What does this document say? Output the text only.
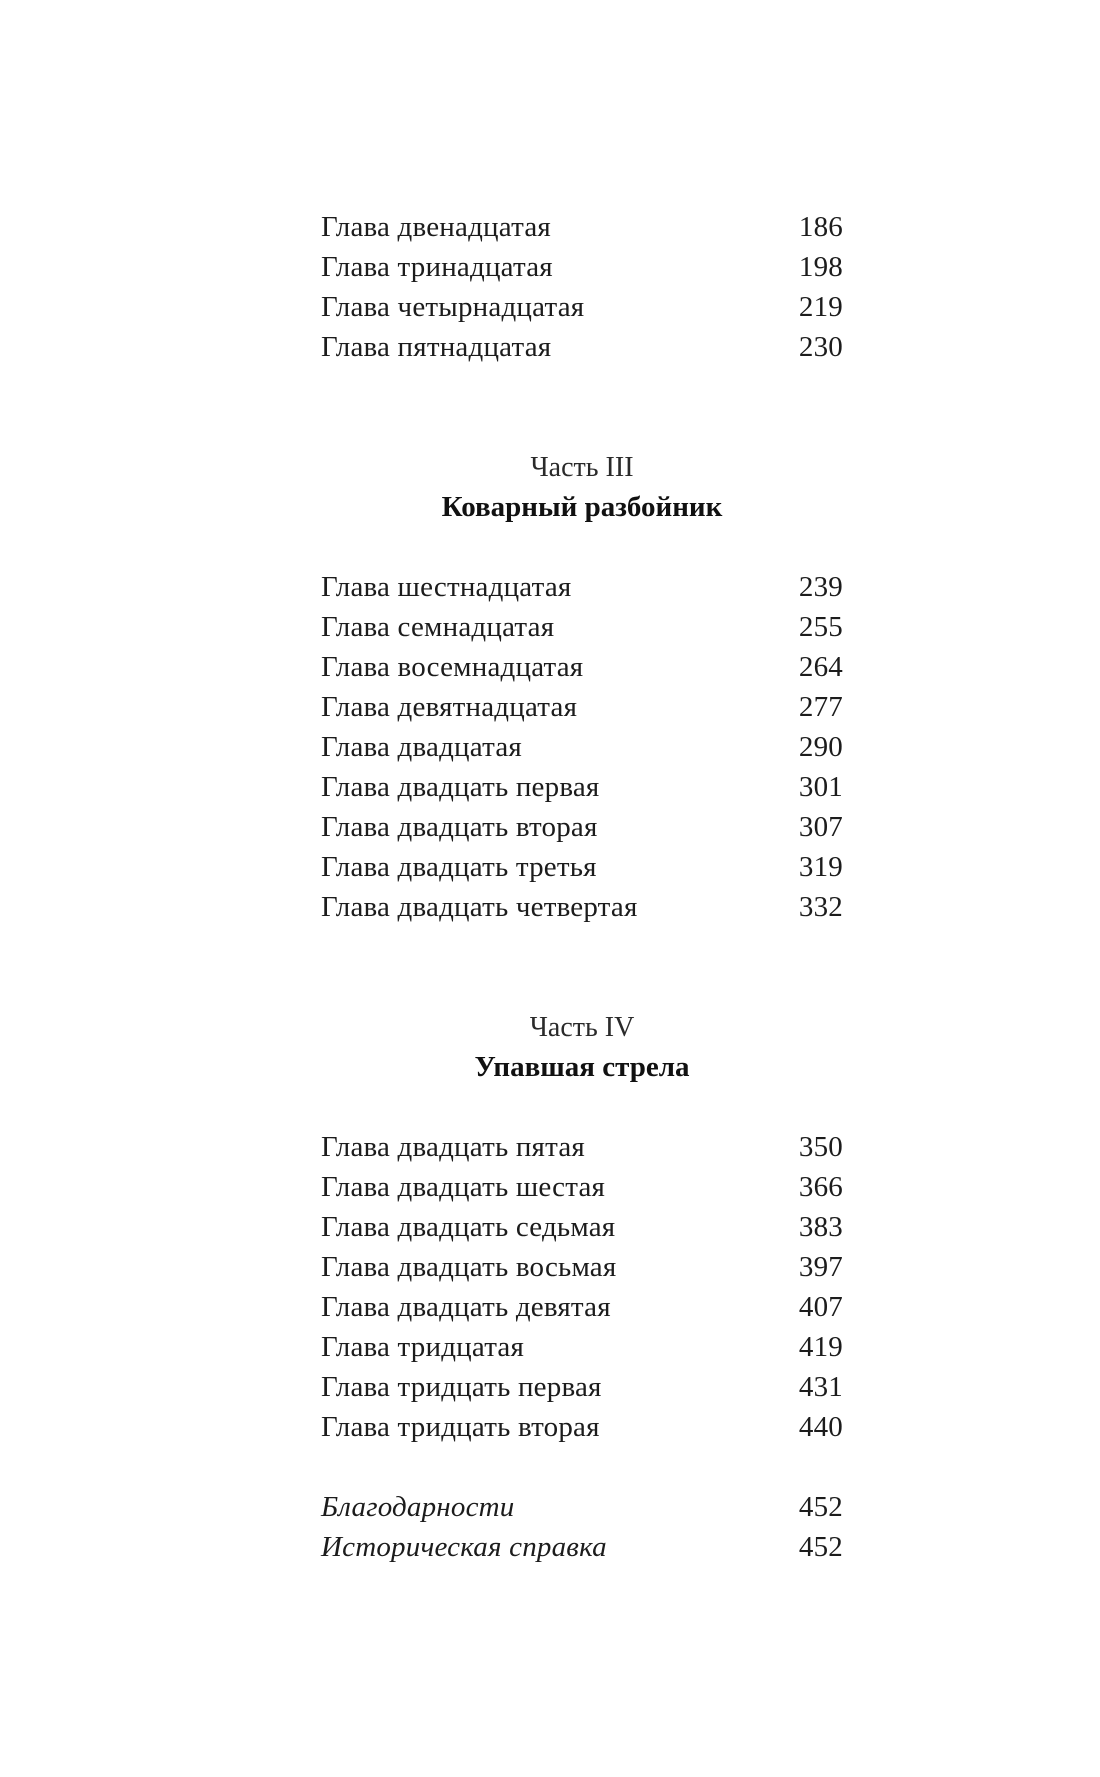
Глава двенадцатая	186
Глава тринадцатая	198
Глава четырнадцатая	219
Глава пятнадцатая	230
Часть III
Коварный разбойник
Глава шестнадцатая	239
Глава семнадцатая	255
Глава восемнадцатая	264
Глава девятнадцатая	277
Глава двадцатая	290
Глава двадцать первая	301
Глава двадцать вторая	307
Глава двадцать третья	319
Глава двадцать четвертая	332
Часть IV
Упавшая стрела
Глава двадцать пятая	350
Глава двадцать шестая	366
Глава двадцать седьмая	383
Глава двадцать восьмая	397
Глава двадцать девятая	407
Глава тридцатая	419
Глава тридцать первая	431
Глава тридцать вторая	440
Благодарности	452
Историческая справка	452
